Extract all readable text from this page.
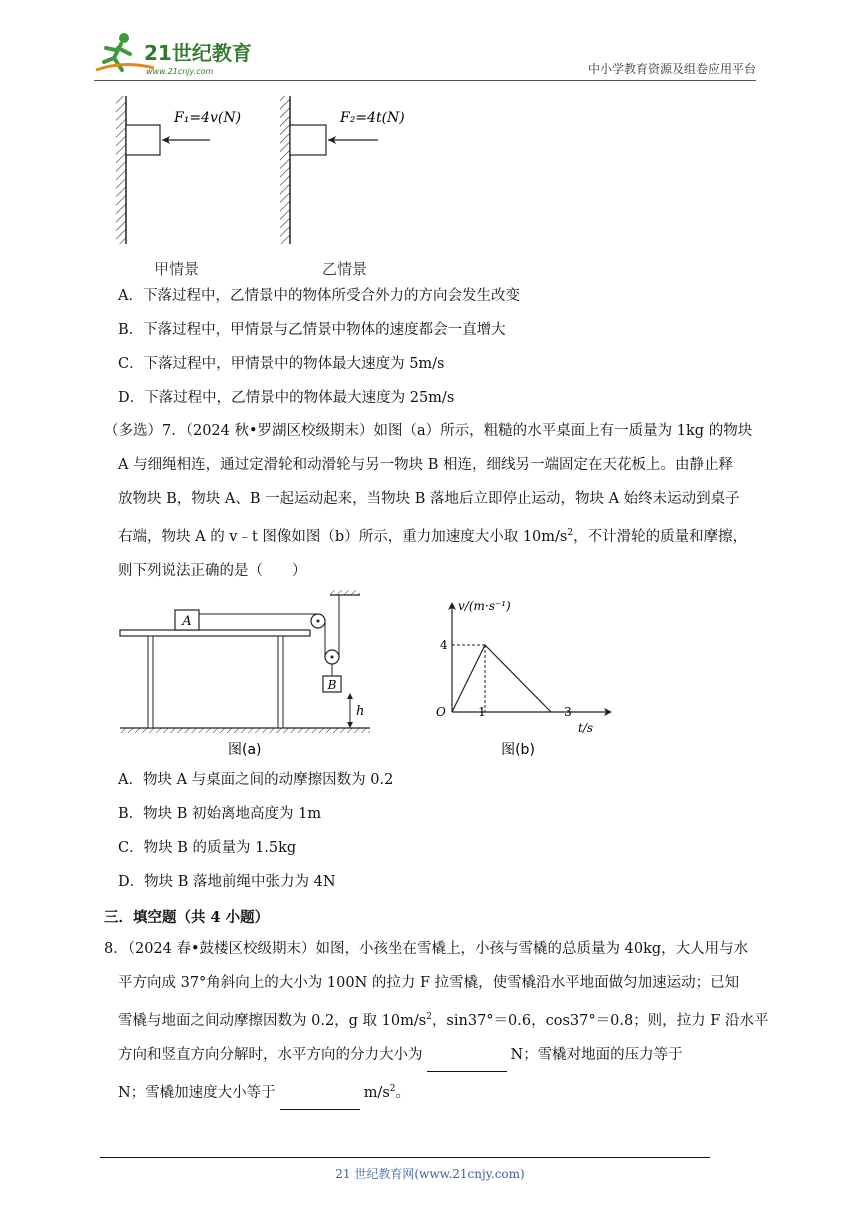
21世纪教育
www.21cnjy.com	中小学教育资源及组卷应用平台
F₁=4v(N)	F₂=4t(N)
甲情景	乙情景
A．下落过程中，乙情景中的物体所受合外力的方向会发生改变
B．下落过程中，甲情景与乙情景中物体的速度都会一直增大
C．下落过程中，甲情景中的物体最大速度为 5m/s
D．下落过程中，乙情景中的物体最大速度为 25m/s
（多选）7．（2024 秋•罗湖区校级期末）如图（a）所示，粗糙的水平桌面上有一质量为 1kg 的物块
A 与细绳相连，通过定滑轮和动滑轮与另一物块 B 相连，细线另一端固定在天花板上。由静止释
放物块 B，物块 A、B 一起运动起来，当物块 B 落地后立即停止运动，物块 A 始终未运动到桌子
右端，物块 A 的 v﹣t 图像如图（b）所示，重力加速度大小取 $10m/s^2$，不计滑轮的质量和摩擦，
则下列说法正确的是（　　）
A
B
h
图(a)
v/(m·s⁻¹)
t/s
O
4
1	3
图(b)
A．物块 A 与桌面之间的动摩擦因数为 0.2
B．物块 B 初始离地高度为 1m
C．物块 B 的质量为 1.5kg
D．物块 B 落地前绳中张力为 4N
三．填空题（共 4 小题）
8．（2024 春•鼓楼区校级期末）如图，小孩坐在雪橇上，小孩与雪橇的总质量为 40kg，大人用与水
平方向成 37°角斜向上的大小为 100N 的拉力 F 拉雪橇，使雪橇沿水平地面做匀加速运动；已知
雪橇与地面之间动摩擦因数为 0.2，g 取 $10m/s^2$，sin37°＝0.6，cos37°＝0.8；则，拉力 F 沿水平
方向和竖直方向分解时，水平方向的分力大小为	N；雪橇对地面的压力等于
N；雪橇加速度大小等于	$m/s^2$。
21 世纪教育网(www.21cnjy.com)
